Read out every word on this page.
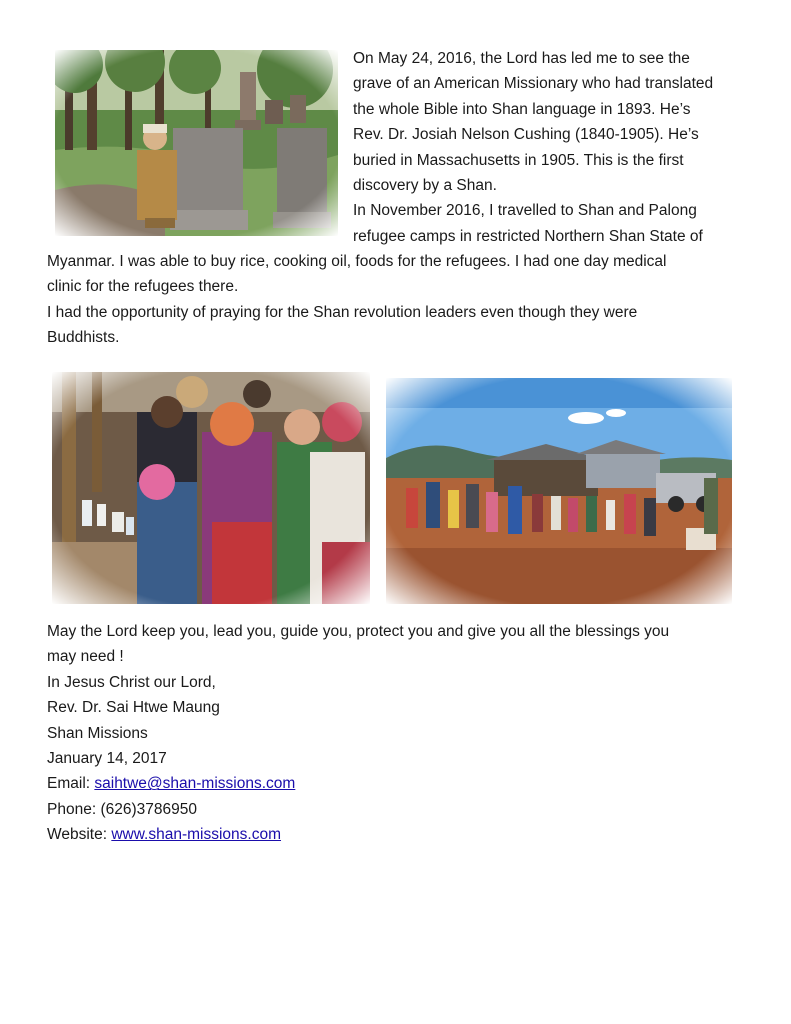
On May 24, 2016, the Lord has led me to see the

grave of an American Missionary who had translated

the whole Bible into Shan language in 1893. He’s

Rev. Dr. Josiah Nelson Cushing (1840-1905). He’s

buried in Massachusetts in 1905. This is the first

discovery by a Shan.

In November 2016, I travelled to Shan and Palong

refugee camps in restricted Northern Shan State of

Myanmar. I was able to buy rice, cooking oil, foods for the refugees. I had one day medical

clinic for the refugees there.

I had the opportunity of praying for the Shan revolution leaders even though they were

Buddhists.

May the Lord keep you, lead you, guide you, protect you and give you all the blessings you

may need !

In Jesus Christ our Lord,

Rev. Dr. Sai Htwe Maung

Shan Missions

January 14, 2017

Email: saihtwe@shan-missions.com

Phone: (626)3786950

Website: www.shan-missions.com
